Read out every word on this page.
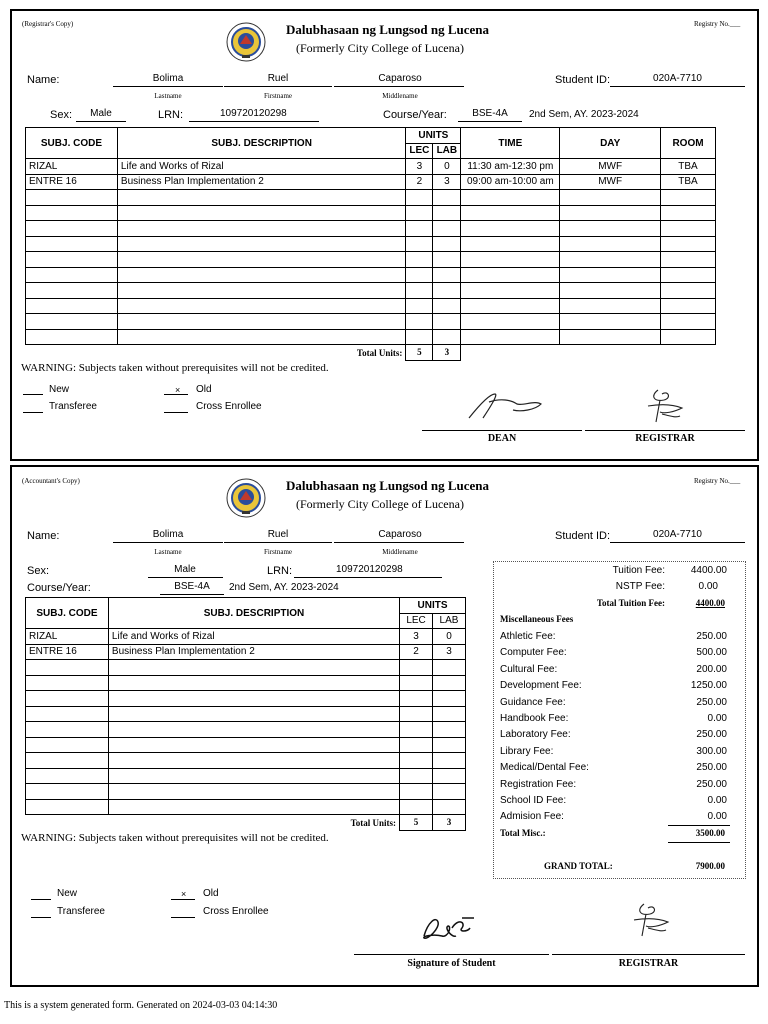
(Registrar's Copy)	Registry No.___
Dalubhasaan ng Lungsod ng Lucena
(Formerly City College of Lucena)
Name:	Bolima
Lastname
Ruel
Firstname
Caparoso
Middlename
Student ID:	020A-7710
Sex:	Male	LRN:	109720120298	Course/Year:	BSE-4A	2nd Sem, AY. 2023-2024
SUBJ. CODE	SUBJ. DESCRIPTION	UNITS		TIME	DAY	ROOM
		LEC	LAB			
RIZAL	Life and Works of Rizal	3	0	11:30 am-12:30 pm	MWF	TBA
ENTRE 16	Business Plan Implementation 2	2	3	09:00 am-10:00 am	MWF	TBA

	Total Units:	5	3			
WARNING: Subjects taken without prerequisites will not be credited.
New
Transferee
× Old
Cross Enrollee
DEAN	REGISTRAR
(Accountant's Copy)	Registry No.___
Dalubhasaan ng Lungsod ng Lucena
(Formerly City College of Lucena)
Name:	Bolima
Lastname
Ruel
Firstname
Caparoso
Middlename
Student ID:	020A-7710
Sex:	Male	LRN:	109720120298
Course/Year:	BSE-4A	2nd Sem, AY. 2023-2024
SUBJ. CODE	SUBJ. DESCRIPTION	UNITS	
		LEC	LAB
RIZAL	Life and Works of Rizal	3	0
ENTRE 16	Business Plan Implementation 2	2	3

	Total Units:	5	3
WARNING: Subjects taken without prerequisites will not be credited.
Tuition Fee:	4400.00
NSTP Fee:	0.00
Total Tuition Fee:	4400.00
Miscellaneous Fees
Athletic Fee:	250.00
Computer Fee:	500.00
Cultural Fee:	200.00
Development Fee:	1250.00
Guidance Fee:	250.00
Handbook Fee:	0.00
Laboratory Fee:	250.00
Library Fee:	300.00
Medical/Dental Fee:	250.00
Registration Fee:	250.00
School ID Fee:	0.00
Admision Fee:	0.00
Total Misc.:	3500.00
GRAND TOTAL:	7900.00
New
Transferee
× Old
Cross Enrollee
Signature of Student	REGISTRAR
This is a system generated form. Generated on 2024-03-03 04:14:30
